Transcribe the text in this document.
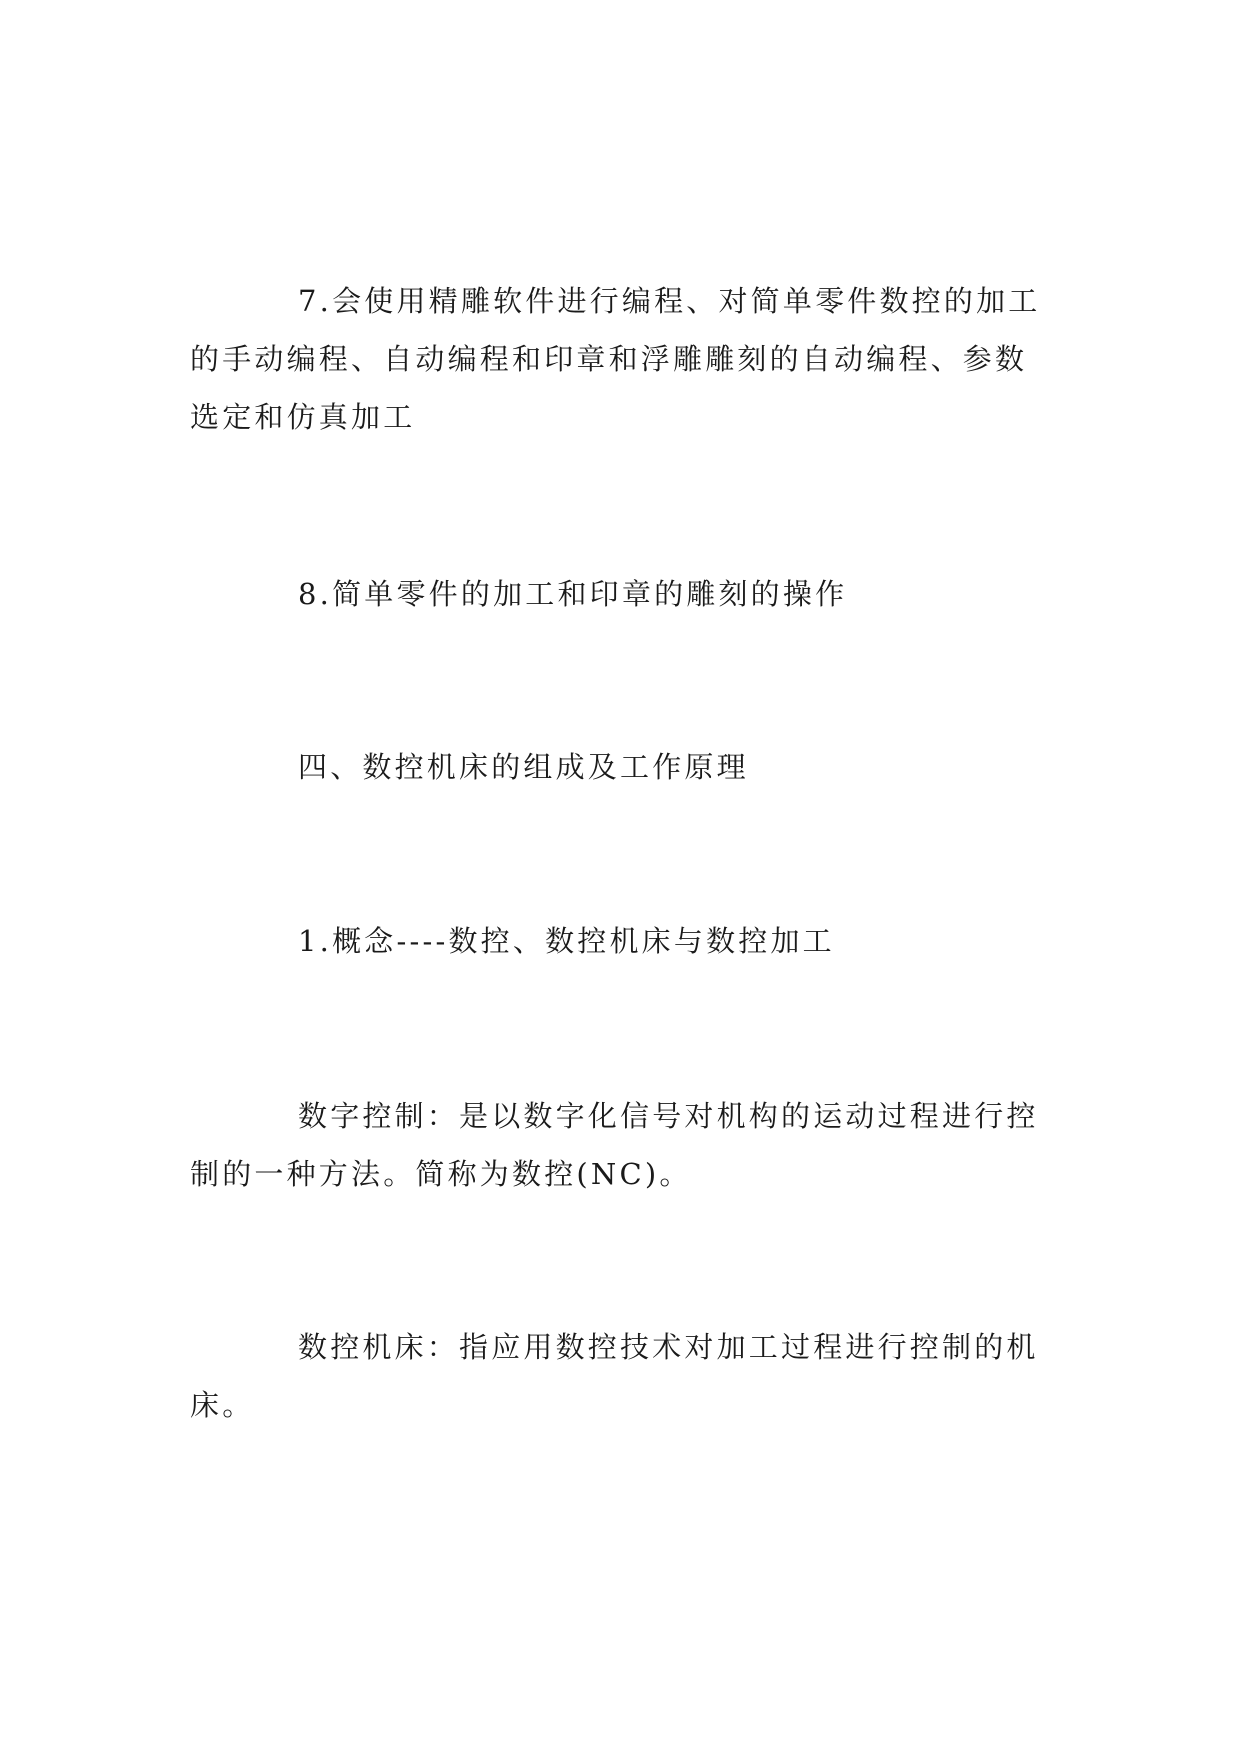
7.会使用精雕软件进行编程、对简单零件数控的加工的手动编程、自动编程和印章和浮雕雕刻的自动编程、参数选定和仿真加工

8.简单零件的加工和印章的雕刻的操作

四、数控机床的组成及工作原理

1.概念----数控、数控机床与数控加工

数字控制：是以数字化信号对机构的运动过程进行控制的一种方法。简称为数控(NC)。

数控机床：指应用数控技术对加工过程进行控制的机床。
